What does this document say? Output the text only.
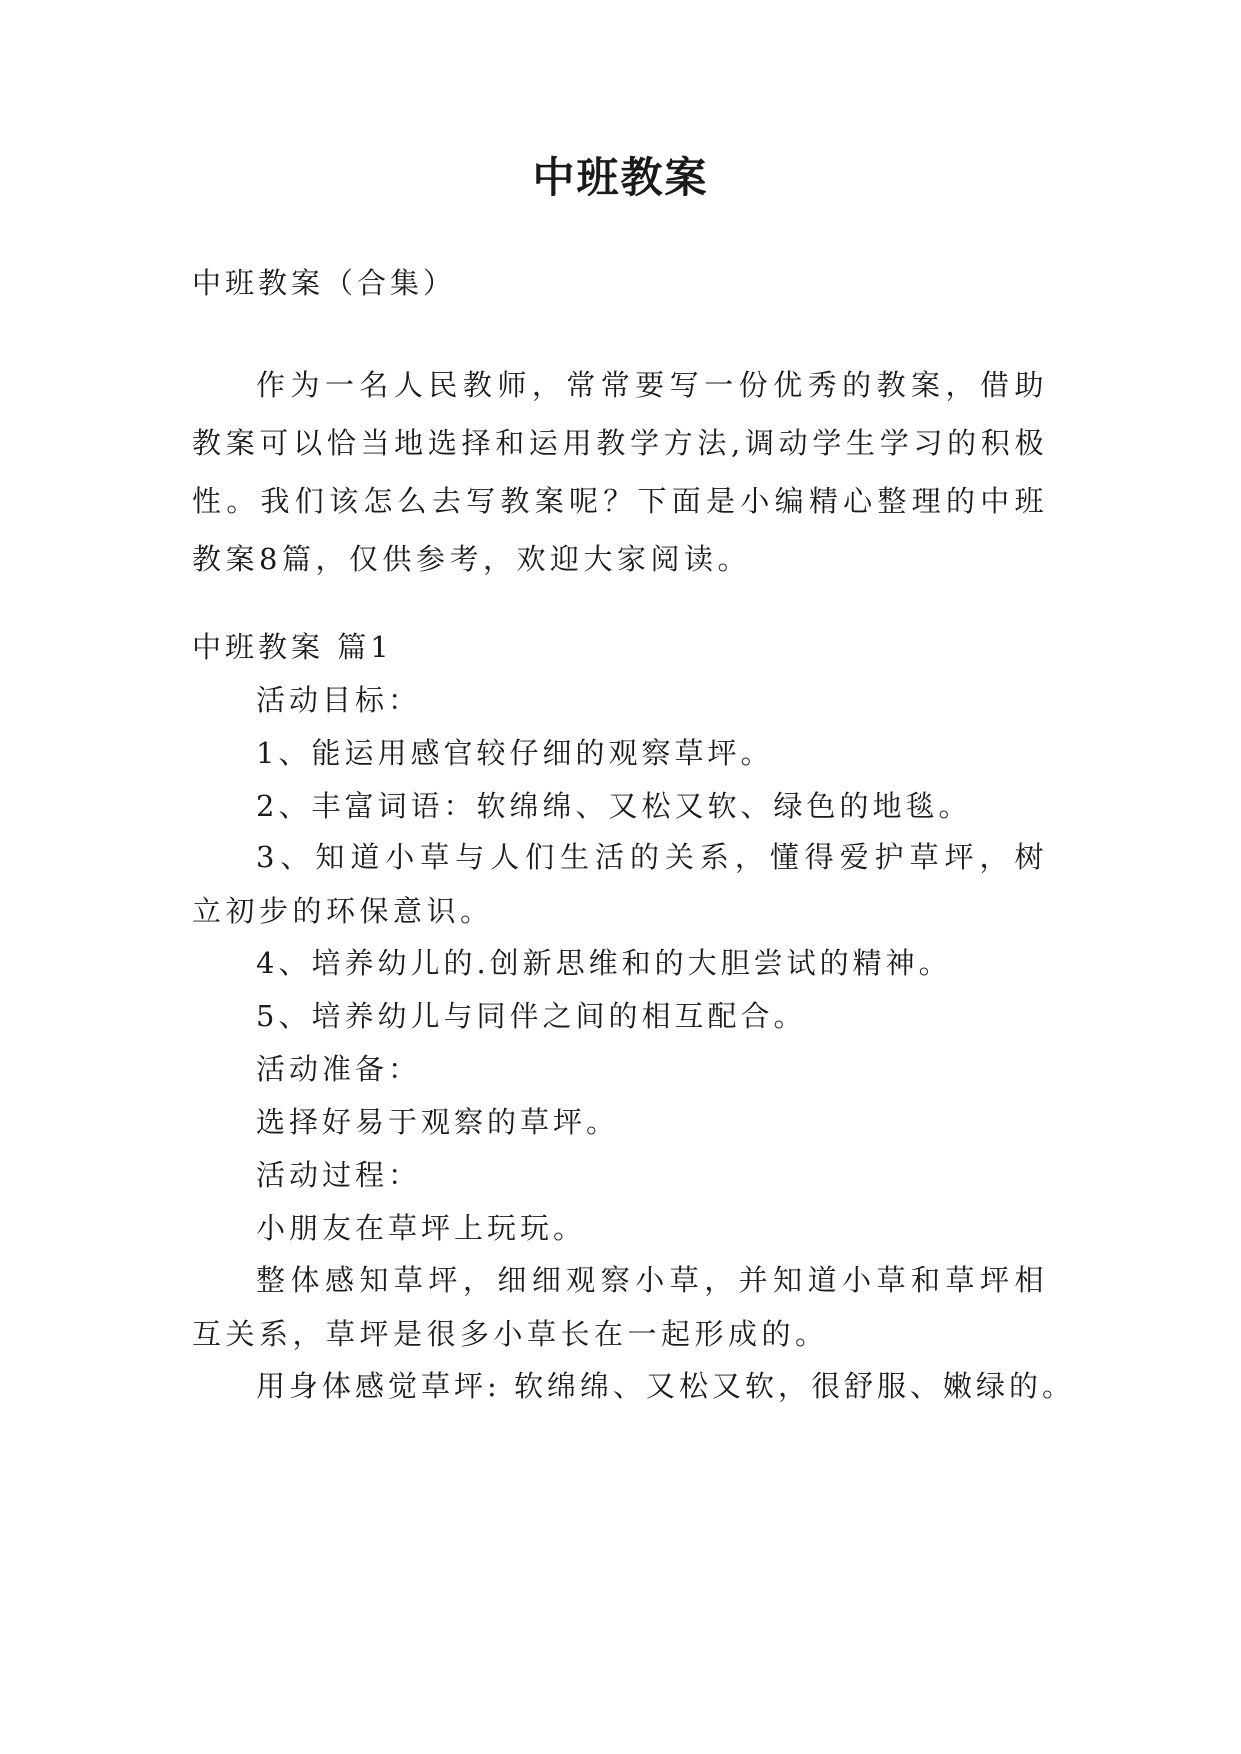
中班教案

中班教案（合集）

作为一名人民教师，常常要写一份优秀的教案，借助教案可以恰当地选择和运用教学方法,调动学生学习的积极性。我们该怎么去写教案呢？下面是小编精心整理的中班教案8篇，仅供参考，欢迎大家阅读。

中班教案 篇1

活动目标：

1、能运用感官较仔细的观察草坪。

2、丰富词语：软绵绵、又松又软、绿色的地毯。

3、知道小草与人们生活的关系，懂得爱护草坪，树立初步的环保意识。

4、培养幼儿的.创新思维和的大胆尝试的精神。

5、培养幼儿与同伴之间的相互配合。

活动准备：

选择好易于观察的草坪。

活动过程：

小朋友在草坪上玩玩。

整体感知草坪，细细观察小草，并知道小草和草坪相互关系，草坪是很多小草长在一起形成的。

用身体感觉草坪: 软绵绵、又松又软，很舒服、嫩绿的。
